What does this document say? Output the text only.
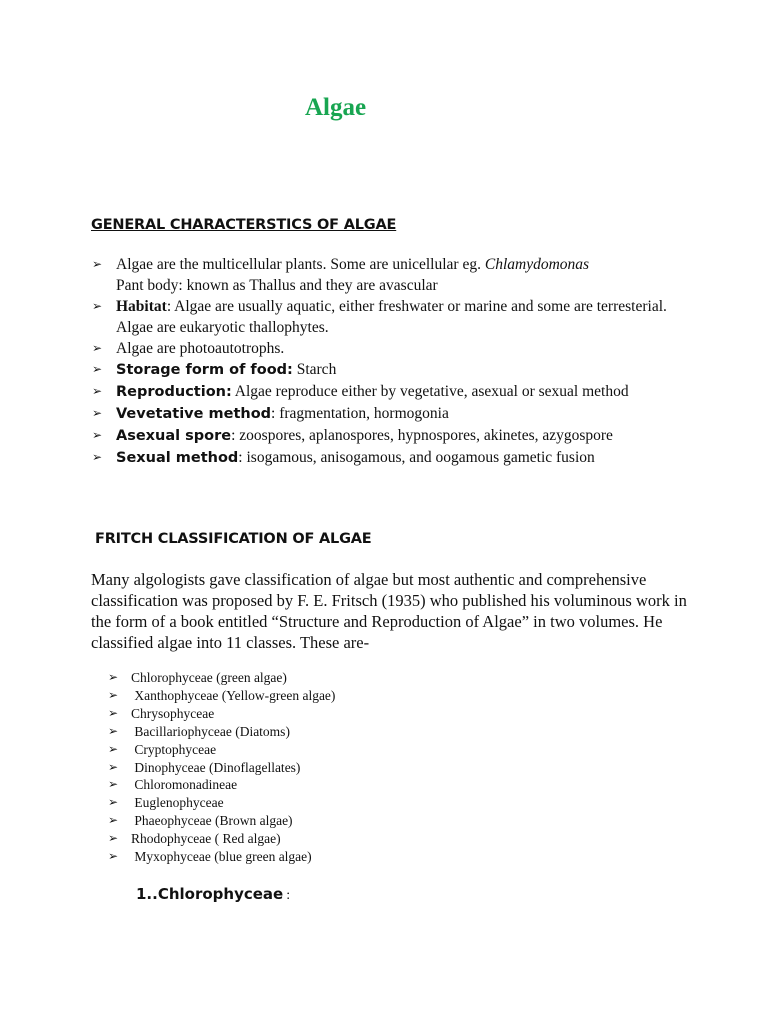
Algae
GENERAL CHARACTERSTICS OF ALGAE
➢ Algae are the multicellular plants. Some are unicellular eg. Chlamydomonas
Pant body: known as Thallus and they are avascular
➢ Habitat: Algae are usually aquatic, either freshwater or marine and some are terresterial.
Algae are eukaryotic thallophytes.
➢ Algae are photoautotrophs.
➢ Storage form of food: Starch
➢ Reproduction: Algae reproduce either by vegetative, asexual or sexual method
➢ Vevetative method: fragmentation, hormogonia
➢ Asexual spore: zoospores, aplanospores, hypnospores, akinetes, azygospore
➢ Sexual method: isogamous, anisogamous, and oogamous gametic fusion
FRITCH CLASSIFICATION OF ALGAE

Many algologists gave classification of algae but most authentic and comprehensive classification was proposed by F. E. Fritsch (1935) who published his voluminous work in the form of a book entitled “Structure and Reproduction of Algae” in two volumes. He classified algae into 11 classes. These are-

➢ Chlorophyceae (green algae)
➢ Xanthophyceae (Yellow-green algae)
➢ Chrysophyceae
➢ Bacillariophyceae (Diatoms)
➢ Cryptophyceae
➢ Dinophyceae (Dinoflagellates)
➢ Chloromonadineae
➢ Euglenophyceae
➢ Phaeophyceae (Brown algae)
➢ Rhodophyceae ( Red algae)
➢ Myxophyceae (blue green algae)
1..Chlorophyceae :
